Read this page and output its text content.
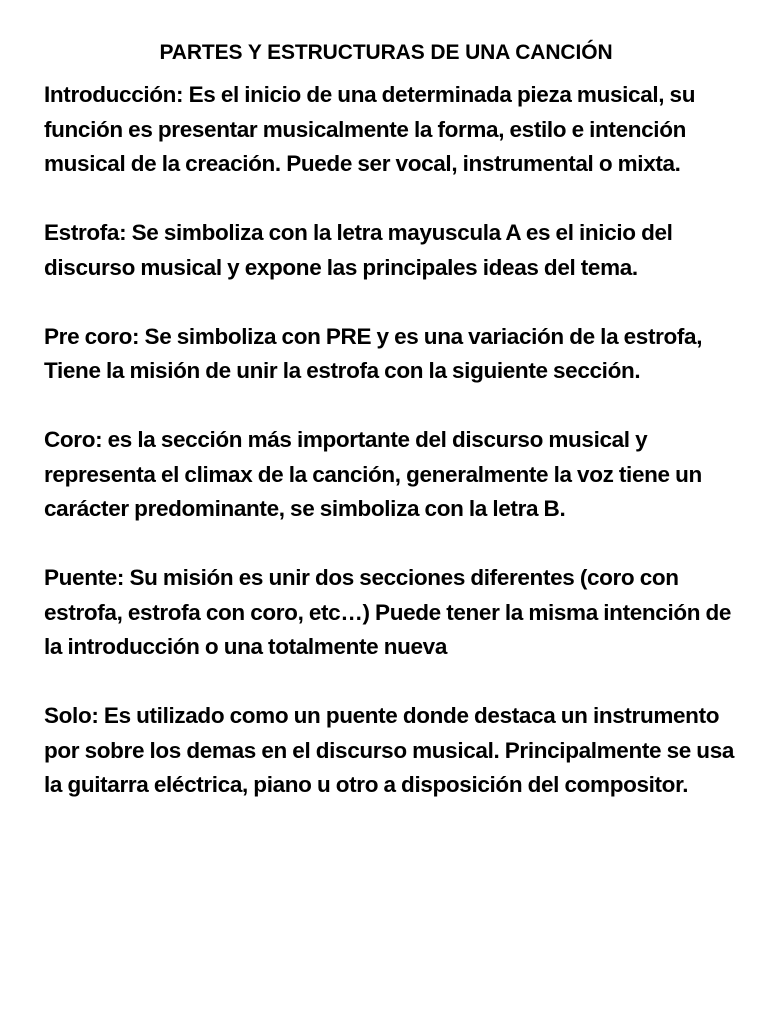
PARTES Y ESTRUCTURAS DE UNA CANCIÓN

Introducción : Es el inicio de una determinada pieza musical, su función es presentar musicalmente la forma, estilo e intención musical de la creación. Puede ser vocal, instrumental o mixta.

Estrofa : Se simboliza con la letra mayuscula A es el inicio del discurso musical y expone las principales ideas del tema.

Pre coro : Se simboliza con PRE y es una variación de la estrofa, Tiene la misión de unir la estrofa con la siguiente sección.

Coro : es la sección más importante del discurso musical y representa el climax de la canción, generalmente la voz tiene un carácter predominante, se simboliza con la letra B.

Puente : Su misión es unir dos secciones diferentes (coro con estrofa, estrofa con coro, etc…) Puede tener la misma intención de la introducción o una totalmente nueva

Solo : Es utilizado como un puente donde destaca un instrumento por sobre los demas en el discurso musical. Principalmente se usa la guitarra eléctrica, piano u otro a disposición del compositor.
